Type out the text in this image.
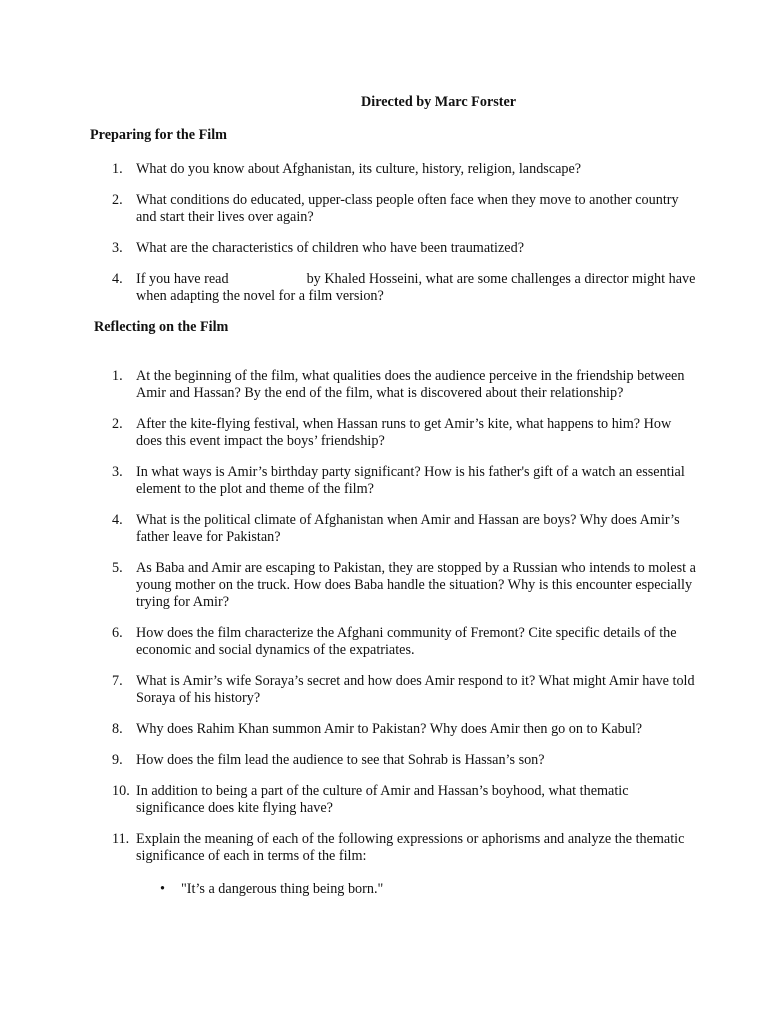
Directed by Marc Forster
Preparing for the Film
1. What do you know about Afghanistan, its culture, history, religion, landscape?
2. What conditions do educated, upper-class people often face when they move to another country and start their lives over again?
3. What are the characteristics of children who have been traumatized?
4. If you have read	by Khaled Hosseini, what are some challenges a director might have when adapting the novel for a film version?
Reflecting on the Film
1. At the beginning of the film, what qualities does the audience perceive in the friendship between Amir and Hassan? By the end of the film, what is discovered about their relationship?
2. After the kite-flying festival, when Hassan runs to get Amir’s kite, what happens to him? How does this event impact the boys’ friendship?
3. In what ways is Amir’s birthday party significant? How is his father's gift of a watch an essential element to the plot and theme of the film?
4. What is the political climate of Afghanistan when Amir and Hassan are boys? Why does Amir’s father leave for Pakistan?
5. As Baba and Amir are escaping to Pakistan, they are stopped by a Russian who intends to molest a young mother on the truck. How does Baba handle the situation? Why is this encounter especially trying for Amir?
6. How does the film characterize the Afghani community of Fremont? Cite specific details of the economic and social dynamics of the expatriates.
7. What is Amir’s wife Soraya’s secret and how does Amir respond to it? What might Amir have told Soraya of his history?
8. Why does Rahim Khan summon Amir to Pakistan? Why does Amir then go on to Kabul?
9. How does the film lead the audience to see that Sohrab is Hassan’s son?
10. In addition to being a part of the culture of Amir and Hassan’s boyhood, what thematic significance does kite flying have?
11. Explain the meaning of each of the following expressions or aphorisms and analyze the thematic significance of each in terms of the film:
• "It’s a dangerous thing being born."
